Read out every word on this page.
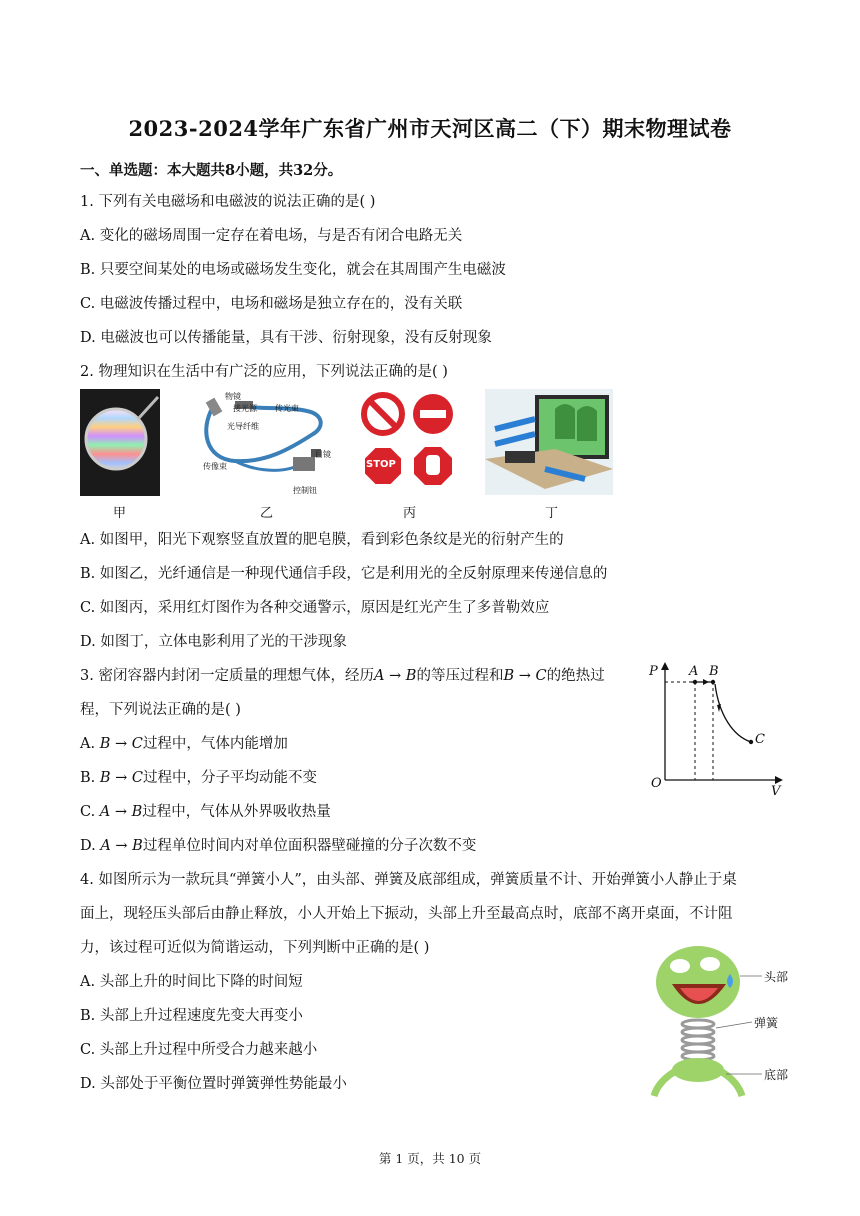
2023-2024学年广东省广州市天河区高二（下）期末物理试卷
一、单选题：本大题共8小题，共32分。
1. 下列有关电磁场和电磁波的说法正确的是( )
A. 变化的磁场周围一定存在着电场，与是否有闭合电路无关
B. 只要空间某处的电场或磁场发生变化，就会在其周围产生电磁波
C. 电磁波传播过程中，电场和磁场是独立存在的，没有关联
D. 电磁波也可以传播能量，具有干涉、衍射现象，没有反射现象
2. 物理知识在生活中有广泛的应用，下列说法正确的是( )
甲
物镜
接光源 传光束
光导纤维
传像束
目镜
控制钮
乙
STOP
丙	丁
A. 如图甲，阳光下观察竖直放置的肥皂膜，看到彩色条纹是光的衍射产生的
B. 如图乙，光纤通信是一种现代通信手段，它是利用光的全反射原理来传递信息的
C. 如图丙，采用红灯图作为各种交通警示，原因是红光产生了多普勒效应
D. 如图丁，立体电影利用了光的干涉现象
3. 密闭容器内封闭一定质量的理想气体，经历A → B的等压过程和B → C的绝热过
程，下列说法正确的是( )
A. B → C过程中，气体内能增加
B. B → C过程中，分子平均动能不变
C. A → B过程中，气体从外界吸收热量
D. A → B过程单位时间内对单位面积器壁碰撞的分子次数不变
P
V
O
A B
C
4. 如图所示为一款玩具“弹簧小人”，由头部、弹簧及底部组成，弹簧质量不计、开始弹簧小人静止于桌
面上，现轻压头部后由静止释放，小人开始上下振动，头部上升至最高点时，底部不离开桌面，不计阻
力，该过程可近似为简谐运动，下列判断中正确的是( )
A. 头部上升的时间比下降的时间短
B. 头部上升过程速度先变大再变小
C. 头部上升过程中所受合力越来越小
D. 头部处于平衡位置时弹簧弹性势能最小
头部
弹簧
底部
第 1 页，共 10 页
